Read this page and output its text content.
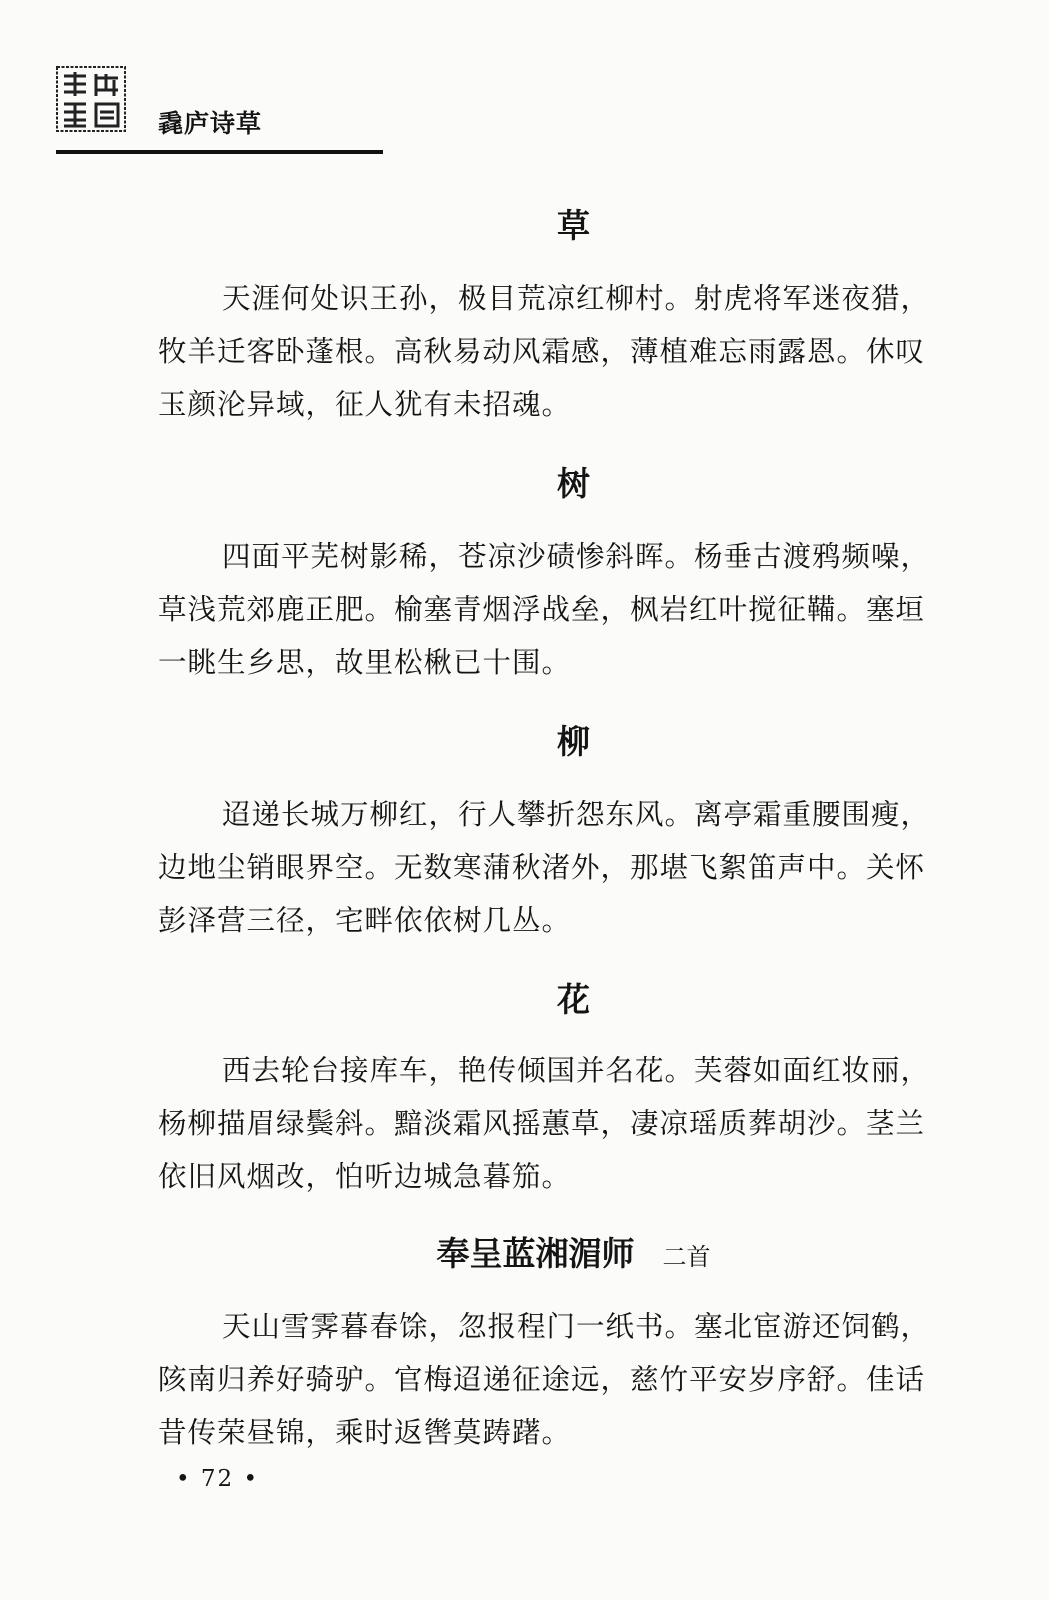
毳庐诗草
草
天涯何处识王孙，极目荒凉红柳村。射虎将军迷夜猎，
牧羊迁客卧蓬根。高秋易动风霜感，薄植难忘雨露恩。休叹
玉颜沦异域，征人犹有未招魂。
树
四面平芜树影稀，苍凉沙碛惨斜晖。杨垂古渡鸦频噪，
草浅荒郊鹿正肥。榆塞青烟浮战垒，枫岩红叶搅征鞴。塞垣
一眺生乡思，故里松楸已十围。
柳
迢递长城万柳红，行人攀折怨东风。离亭霜重腰围瘦，
边地尘销眼界空。无数寒蒲秋渚外，那堪飞絮笛声中。关怀
彭泽营三径，宅畔依依树几丛。
花
西去轮台接库车，艳传倾国并名花。芙蓉如面红妆丽，
杨柳描眉绿鬓斜。黯淡霜风摇蕙草，凄凉瑶质葬胡沙。茎兰
依旧风烟改，怕听边城急暮笳。
奉呈蓝湘湄师 二首
天山雪霁暮春馀，忽报程门一纸书。塞北宦游还饲鹤，
陔南归养好骑驴。官梅迢递征途远，慈竹平安岁序舒。佳话
昔传荣昼锦，乘时返辔莫踌躇。
• 72 •
